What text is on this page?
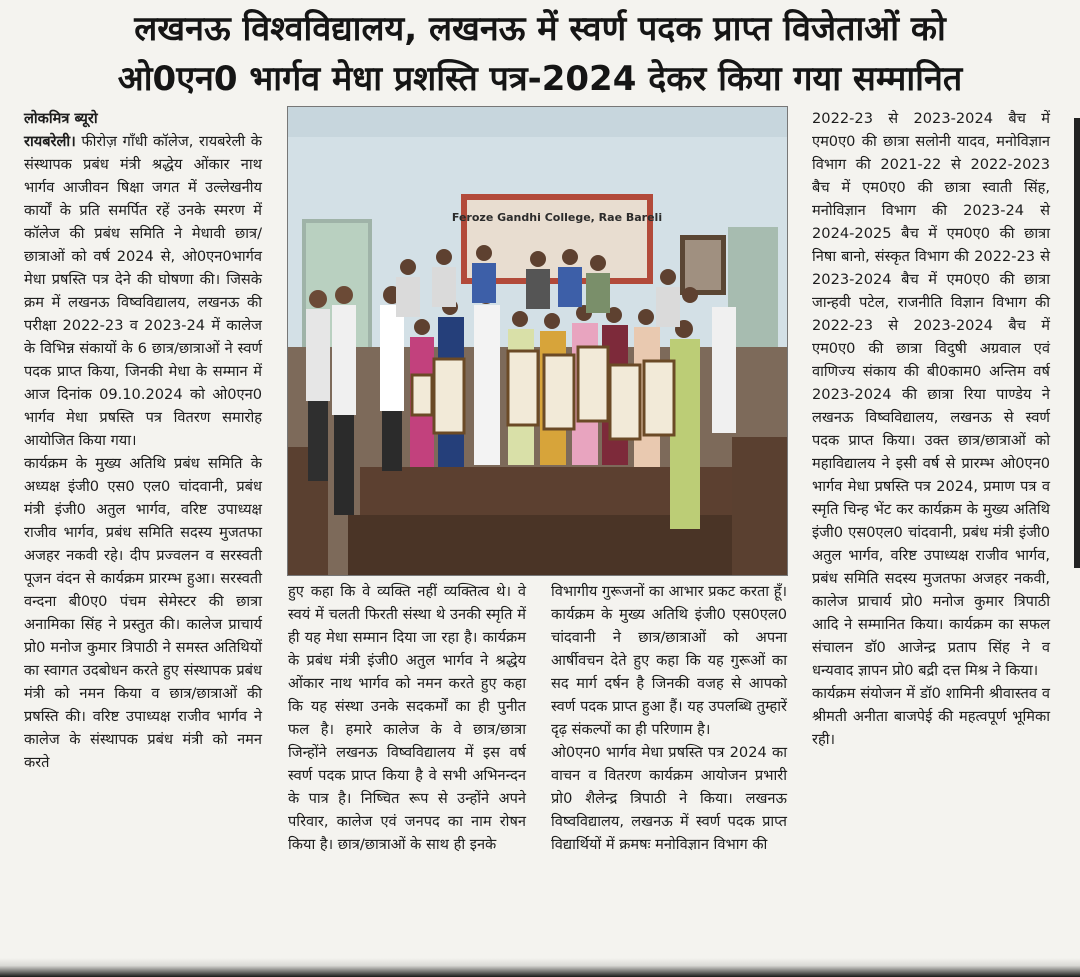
लखनऊ विश्वविद्यालय, लखनऊ में स्वर्ण पदक प्राप्त विजेताओं को
ओ0एन0 भार्गव मेधा प्रशस्ति पत्र-2024 देकर किया गया सम्मानित

लोकमित्र ब्यूरो

रायबरेली। फीरोज़ गाँधी कॉलेज, रायबरेली के संस्थापक प्रबंध मंत्री श्रद्धेय ओंकार नाथ भार्गव आजीवन षिक्षा जगत में उल्लेखनीय कार्यों के प्रति समर्पित रहें उनके स्मरण में कॉलेज की प्रबंध समिति ने मेधावी छात्र/छात्राओं को वर्ष 2024 से, ओ0एन0भार्गव मेधा प्रषस्ति पत्र देने की घोषणा की। जिसके क्रम में लखनऊ विष्वविद्यालय, लखनऊ की परीक्षा 2022-23 व 2023-24 में कालेज के विभिन्न संकायों के 6 छात्र/छात्राओं ने स्वर्ण पदक प्राप्त किया, जिनकी मेधा के सम्मान में आज दिनांक 09.10.2024 को ओ0एन0 भार्गव मेधा प्रषस्ति पत्र वितरण समारोह आयोजित किया गया।

कार्यक्रम के मुख्य अतिथि प्रबंध समिति के अध्यक्ष इंजी0 एस0 एल0 चांदवानी, प्रबंध मंत्री इंजी0 अतुल भार्गव, वरिष्ट उपाध्यक्ष राजीव भार्गव, प्रबंध समिति सदस्य मुजतफा अजहर नकवी रहे। दीप प्रज्वलन व सरस्वती पूजन वंदन से कार्यक्रम प्रारम्भ हुआ। सरस्वती वन्दना बी0ए0 पंचम सेमेस्टर की छात्रा अनामिका सिंह ने प्रस्तुत की। कालेज प्राचार्य प्रो0 मनोज कुमार त्रिपाठी ने समस्त अतिथियों का स्वागत उदबोधन करते हुए संस्थापक प्रबंध मंत्री को नमन किया व छात्र/छात्राओं की प्रषस्ति की। वरिष्ट उपाध्यक्ष राजीव भार्गव ने कालेज के संस्थापक प्रबंध मंत्री को नमन करते

Feroze Gandhi College, Rae Bareli

हुए कहा कि वे व्यक्ति नहीं व्यक्तित्व थे। वे स्वयं में चलती फिरती संस्था थे उनकी स्मृति में ही यह मेधा सम्मान दिया जा रहा है। कार्यक्रम के प्रबंध मंत्री इंजी0 अतुल भार्गव ने श्रद्धेय ओंकार नाथ भार्गव को नमन करते हुए कहा कि यह संस्था उनके सदकर्मों का ही पुनीत फल है। हमारे कालेज के वे छात्र/छात्रा जिन्होंने लखनऊ विष्वविद्यालय में इस वर्ष स्वर्ण पदक प्राप्त किया है वे सभी अभिनन्दन के पात्र है। निष्चित रूप से उन्होंने अपने परिवार, कालेज एवं जनपद का नाम रोषन किया है। छात्र/छात्राओं के साथ ही इनके

विभागीय गुरूजनों का आभार प्रकट करता हूँ। कार्यक्रम के मुख्य अतिथि इंजी0 एस0एल0 चांदवानी ने छात्र/छात्राओं को अपना आर्षीवचन देते हुए कहा कि यह गुरूओं का सद मार्ग दर्षन है जिनकी वजह से आपको स्वर्ण पदक प्राप्त हुआ हैं। यह उपलब्धि तुम्हारें दृढ़ संकल्पों का ही परिणाम है।

ओ0एन0 भार्गव मेधा प्रषस्ति पत्र 2024 का वाचन व वितरण कार्यक्रम आयोजन प्रभारी प्रो0 शैलेन्द्र त्रिपाठी ने किया। लखनऊ विष्वविद्यालय, लखनऊ में स्वर्ण पदक प्राप्त विद्यार्थियों में क्रमषः मनोविज्ञान विभाग की

2022-23 से 2023-2024 बैच में एम0ए0 की छात्रा सलोनी यादव, मनोविज्ञान विभाग की 2021-22 से 2022-2023 बैच में एम0ए0 की छात्रा स्वाती सिंह, मनोविज्ञान विभाग की 2023-24 से 2024-2025 बैच में एम0ए0 की छात्रा निषा बानो, संस्कृत विभाग की 2022-23 से 2023-2024 बैच में एम0ए0 की छात्रा जान्हवी पटेल, राजनीति विज्ञान विभाग की 2022-23 से 2023-2024 बैच में एम0ए0 की छात्रा विदुषी अग्रवाल एवं वाणिज्य संकाय की बी0काम0 अन्तिम वर्ष 2023-2024 की छात्रा रिया पाण्डेय ने लखनऊ विष्वविद्यालय, लखनऊ से स्वर्ण पदक प्राप्त किया। उक्त छात्र/छात्राओं को महाविद्यालय ने इसी वर्ष से प्रारम्भ ओ0एन0 भार्गव मेधा प्रषस्ति पत्र 2024, प्रमाण पत्र व स्मृति चिन्ह भेंट कर कार्यक्रम के मुख्य अतिथि इंजी0 एस0एल0 चांदवानी, प्रबंध मंत्री इंजी0 अतुल भार्गव, वरिष्ट उपाध्यक्ष राजीव भार्गव, प्रबंध समिति सदस्य मुजतफा अजहर नकवी, कालेज प्राचार्य प्रो0 मनोज कुमार त्रिपाठी आदि ने सम्मानित किया। कार्यक्रम का सफल संचालन डॉ0 आजेन्द्र प्रताप सिंह ने व धन्यवाद ज्ञापन प्रो0 बद्री दत्त मिश्र ने किया।

कार्यक्रम संयोजन में डॉ0 शामिनी श्रीवास्तव व श्रीमती अनीता बाजपेई की महत्वपूर्ण भूमिका रही।
